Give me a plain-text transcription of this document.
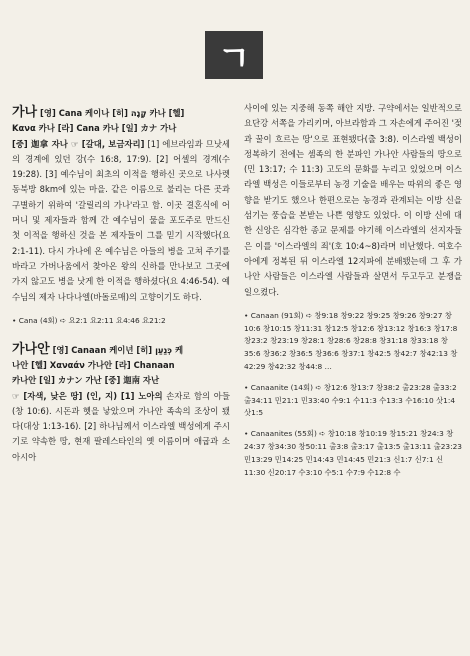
ㄱ

가나 [영] Cana 케이나 [히] קָנָה 카나 [헬]
Κανα 카나 [라] Cana 카나 [일] カナ 가나
[중] 迦拿 자나 ☞ [갈대, 보금자리] [1] 에브라임과 므낫세의 경계에 있던 강(수 16:8, 17:9). [2] 어셀의 경계(수 19:28). [3] 예수님이 최초의 이적을 행하신 곳으로 나사렛 동북방 8km에 있는 마을. 같은 이름으로 불리는 다른 곳과 구별하기 위하여 '갈릴리의 가나'라고 함. 이곳 결혼식에 어머니 및 제자들과 함께 간 예수님이 물을 포도주로 만드신 첫 이적을 행하신 것을 본 제자들이 그를 믿기 시작했다(요 2:1-11). 다시 가나에 온 예수님은 아들의 병을 고쳐 주기를 바라고 가버나움에서 찾아온 왕의 신하를 만나보고 그곳에 가지 않고도 병을 낫게 한 이적을 행하셨다(요 4:46-54). 예수님의 제자 나다나엘(바돌로매)의 고향이기도 하다.

• Cana (4회) ➪ 요2:1 요2:11 요4:46 요21:2

가나안 [영] Canaan 케이넌 [히] כְּנַעַן 케
나안 [헬] Χαναάν 가나안 [라] Chanaan
카나안 [일] カナン 가난 [중] 迦南 자난
☞ [자색, 낮은 땅] (인, 지) [1] 노아의 손자로 함의 아들(창 10:6). 시돈과 헷을 낳았으며 가나안 족속의 조상이 됐다(대상 1:13-16). [2] 하나님께서 이스라엘 백성에게 주시기로 약속한 땅, 현재 팔레스타인의 옛 이름이며 애굽과 소아시아

사이에 있는 지중해 동쪽 해안 지방. 구약에서는 일반적으로 요단강 서쪽을 가리키며, 아브라함과 그 자손에게 주어진 '젖과 꿀이 흐르는 땅'으로 표현됐다(출 3:8). 이스라엘 백성이 정복하기 전에는 셈족의 한 분파인 가나안 사람들의 땅으로(민 13:17; 수 11:3) 고도의 문화를 누리고 있었으며 이스라엘 백성은 이들로부터 농경 기술을 배우는 따위의 좋은 영향을 받기도 했으나 한편으로는 농경과 관계되는 이방 신을 섬기는 풍습을 본받는 나쁜 영향도 있었다. 이 이방 신에 대한 신앙은 심각한 종교 문제를 야기해 이스라엘의 선지자들은 이를 '이스라엘의 죄'(호 10:4~8)라며 비난했다. 여호수아에게 정복된 뒤 이스라엘 12지파에 분배됐는데 그 후 가나안 사람들은 이스라엘 사람들과 살면서 두고두고 분쟁을 일으켰다.

• Canaan (91회) ➪ 창9:18 창9:22 창9:25 창9:26 창9:27 창10:6 창10:15 창11:31 창12:5 창12:6 창13:12 창16:3 창17:8 창23:2 창23:19 창28:1 창28:6 창28:8 창31:18 창33:18 창35:6 창36:2 창36:5 창36:6 창37:1 창42:5 창42:7 창42:13 창42:29 창42:32 창44:8 …
• Canaanite (14회) ➪ 창12:6 창13:7 창38:2 출23:28 출33:2 출34:11 민21:1 민33:40 수9:1 수11:3 수13:3 수16:10 삿1:4 삿1:5
• Canaanites (55회) ➪ 창10:18 창10:19 창15:21 창24:3 창24:37 창34:30 창50:11 출3:8 출3:17 출13:5 출13:11 출23:23 민13:29 민14:25 민14:43 민14:45 민21:3 신1:7 신7:1 신11:30 신20:17 수3:10 수5:1 수7:9 수12:8 수
